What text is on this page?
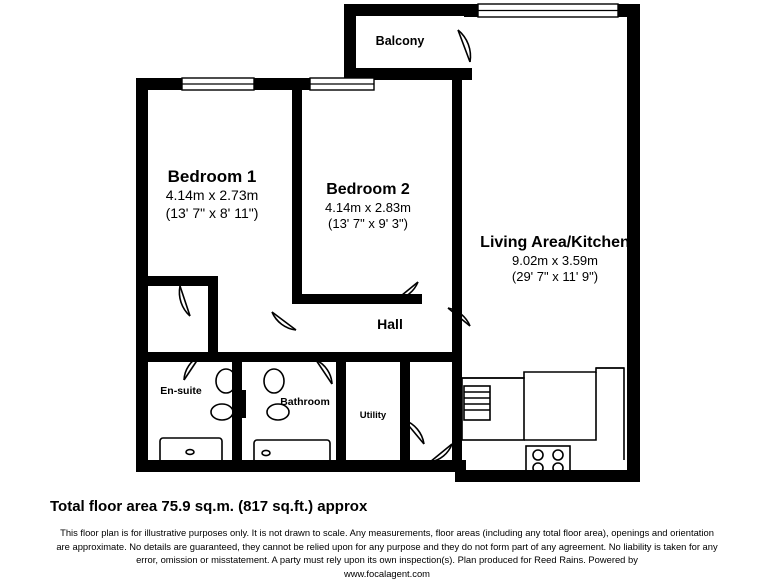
Bedroom 1
4.14m x 2.73m
(13' 7" x 8' 11")
Bedroom 2
4.14m x 2.83m
(13' 7" x 9' 3")
Living Area/Kitchen
9.02m x 3.59m
(29' 7" x 11' 9")
Balcony
Hall
En-suite
Bathroom
Utility
Total floor area 75.9 sq.m. (817 sq.ft.) approx
This floor plan is for illustrative purposes only. It is not drawn to scale. Any measurements, floor areas (including any total floor area), openings and orientation are approximate. No details are guaranteed, they cannot be relied upon for any purpose and they do not form part of any agreement. No liability is taken for any error, omission or misstatement. A party must rely upon its own inspection(s). Plan produced for Reed Rains. Powered by
www.focalagent.com
